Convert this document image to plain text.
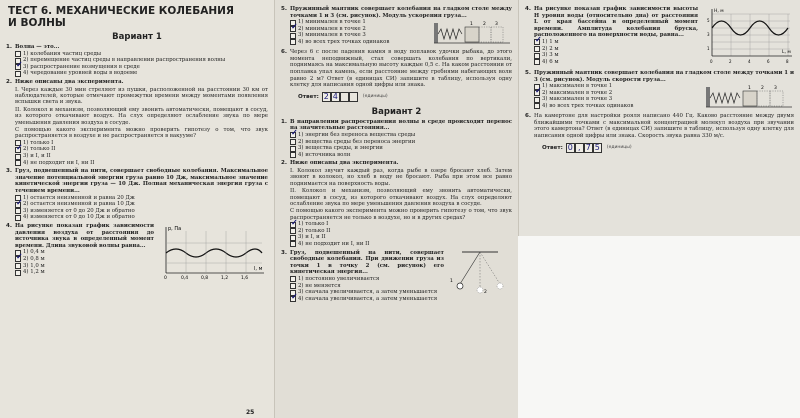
ТЕСТ 6. МЕХАНИЧЕСКИЕ КОЛЕБАНИЯ
И ВОЛНЫ
Вариант 1
1. Волна — это...
1) колебания частиц среды
2) перемещение частиц среды в направлении распространения волны
✓
3) распространение возмущения в среде
4) чередование уровней воды в водоеме
2. Ниже описаны два эксперимента.
I. Через каждые 30 мин стреляют из пушки, расположенной на расстоянии 30 км от наблюдателей, которые отмечают промежутки времени между моментами появления вспышки света и звука.
II. Колокол и механизм, позволяющий ему звонить автоматически, помещают в сосуд, из которого откачивают воздух. На слух определяют ослабление звука по мере уменьшения давления воздуха в сосуде.
С помощью какого эксперимента можно проверить гипотезу о том, что звук распространяется в воздухе и не распространяется в вакууме?
1) только I
✓
2) только II
3) и I, и II
4) не подходит ни I, ни II
3. Груз, подвешенный на нити, совершает свободные колебания. Максимальное значение потенциальной энергии груза равно 10 Дж, максимальное значение кинетической энергии груза — 10 Дж. Полная механическая энергия груза с течением времени...
1) остается неизменной и равна 20 Дж
✓
2) остается неизменной и равна 10 Дж
3) изменяется от 0 до 20 Дж и обратно
4) изменяется от 0 до 10 Дж и обратно
4. На рисунке показан график зависимости давления воздуха от расстояния до источника звука в определенный момент времени. Длина звуковой волны равна...
1) 0,4 м
✓
2) 0,8 м
3) 1,0 м
4) 1,2 м
p, Па
l, м
0	0,4	0,8	1,2	1,6
25
5. Пружинный маятник совершает колебания на гладком столе между точками 1 и 3 (см. рисунок). Модуль ускорения груза...
1) минимален в точке 1
✓
2) минимален в точке 2
3) минимален в точке 3
4) во всех трех точках одинаков
1 2 3
6. Через 6 с после падения камня в воду поплавок удочки рыбака, до этого момента неподвижный, стал совершать колебания по вертикали, поднимаясь на максимальную высоту каждые 0,5 с. На каком расстоянии от поплавка упал камень, если расстояние между гребнями набегающих волн равно 2 м? Ответ (в единицах СИ) запишите в таблицу, используя одну клетку для написания одной цифры или знака.
Ответ: 2 4	(единицы)
Вариант 2
1. В направлении распространения волны в среде происходит перенос на значительные расстояния...
✓
1) энергии без переноса вещества среды
2) вещества среды без переноса энергии
3) вещества среды, и энергии
4) источника волн
2. Ниже описаны два эксперимента.
I. Колокол звучит каждый раз, когда рыбе в озере бросают хлеб. Затем звонят в колокол, но хлеб в воду не бросают. Рыба при этом все равно поднимается на поверхность воды.
II. Колокол и механизм, позволяющий ему звонить автоматически, помещают в сосуд, из которого откачивают воздух. На слух определяют ослабление звука по мере уменьшения давления воздуха в сосуде.
С помощью какого эксперимента можно проверить гипотезу о том, что звук распространяется не только в воздухе, но и в других средах?
✓
1) только I
2) только II
3) и I, и II
4) не подходит ни I, ни II
3. Груз, подвешенный на нити, совершает свободные колебания. При движении груза из точки 1 в точку 2 (см. рисунок) его кинетическая энергия...
1) постоянно увеличивается
2) не меняется
3) сначала увеличивается, а затем уменьшается
✓
4) сначала увеличивается, а затем уменьшается
1
2
4. На рисунке показан график зависимости высоты H уровня воды (относительно дна) от расстояния L от края бассейна в определенный момент времени. Амплитуда колебания бруска, расположенного на поверхности воды, равна...
✓
1) 1 м
2) 2 м
3) 3 м
4) 6 м
H, м
L, м
0	2	4	6	8
1
3
5
5. Пружинный маятник совершает колебания на гладком столе между точками 1 и 3 (см. рисунок). Модуль скорости груза...
1) максимален в точке 1
✓
2) максимален в точке 2
3) максимален в точке 3
4) во всех трех точках одинаков
1 2 3
6. На камертоне для настройки рояля написано 440 Гц. Каково расстояние между двумя ближайшими точками с максимальной концентрацией молекул воздуха при звучании этого камертона? Ответ (в единицах СИ) запишите в таблицу, используя одну клетку для написания одной цифры или знака. Скорость звука равна 330 м/с.
Ответ: 0 , 7 5	(единицы)
